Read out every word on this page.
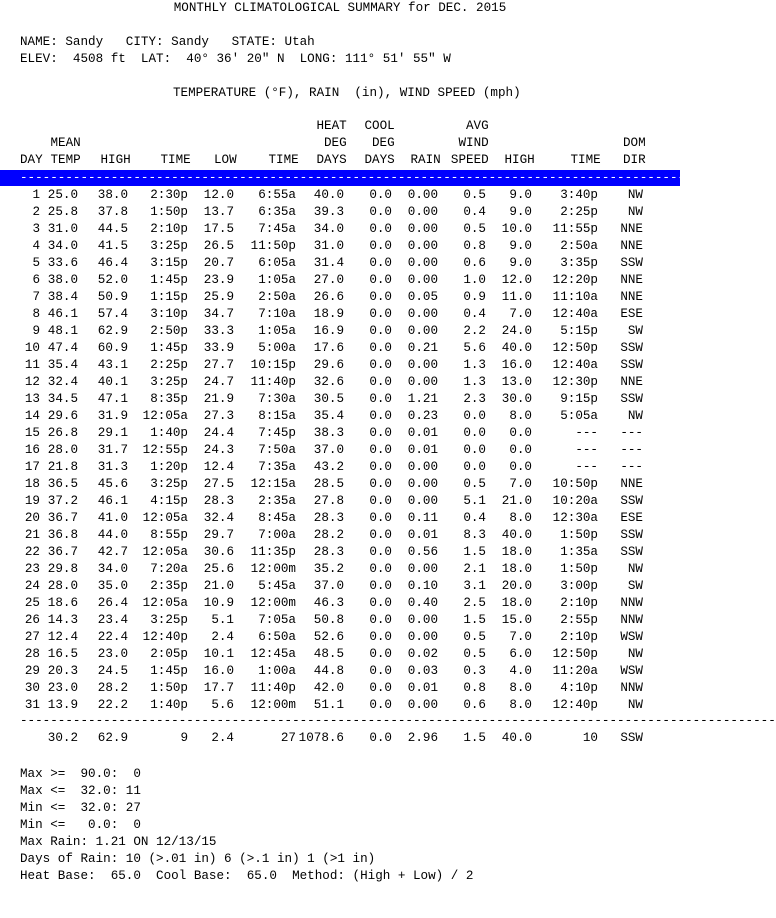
MONTHLY CLIMATOLOGICAL SUMMARY for DEC. 2015
NAME: Sandy   CITY: Sandy   STATE: Utah
ELEV:  4508 ft  LAT:  40° 36' 20" N  LONG: 111° 51' 55" W
TEMPERATURE (°F), RAIN  (in), WIND SPEED (mph)
						HEAT	COOL		AVG			
	MEAN					DEG	DEG		WIND			DOM
DAY	TEMP	HIGH	TIME	LOW	TIME	DAYS	DAYS	RAIN	SPEED	HIGH	TIME	DIR
----------------------------------------------------------------------------------------------------
1	25.0	38.0	2:30p	12.0	6:55a	40.0	0.0	0.00	0.5	9.0	3:40p	NW
2	25.8	37.8	1:50p	13.7	6:35a	39.3	0.0	0.00	0.4	9.0	2:25p	NW
3	31.0	44.5	2:10p	17.5	7:45a	34.0	0.0	0.00	0.5	10.0	11:55p	NNE
4	34.0	41.5	3:25p	26.5	11:50p	31.0	0.0	0.00	0.8	9.0	2:50a	NNE
5	33.6	46.4	3:15p	20.7	6:05a	31.4	0.0	0.00	0.6	9.0	3:35p	SSW
6	38.0	52.0	1:45p	23.9	1:05a	27.0	0.0	0.00	1.0	12.0	12:20p	NNE
7	38.4	50.9	1:15p	25.9	2:50a	26.6	0.0	0.05	0.9	11.0	11:10a	NNE
8	46.1	57.4	3:10p	34.7	7:10a	18.9	0.0	0.00	0.4	7.0	12:40a	ESE
9	48.1	62.9	2:50p	33.3	1:05a	16.9	0.0	0.00	2.2	24.0	5:15p	SW
10	47.4	60.9	1:45p	33.9	5:00a	17.6	0.0	0.21	5.6	40.0	12:50p	SSW
11	35.4	43.1	2:25p	27.7	10:15p	29.6	0.0	0.00	1.3	16.0	12:40a	SSW
12	32.4	40.1	3:25p	24.7	11:40p	32.6	0.0	0.00	1.3	13.0	12:30p	NNE
13	34.5	47.1	8:35p	21.9	7:30a	30.5	0.0	1.21	2.3	30.0	9:15p	SSW
14	29.6	31.9	12:05a	27.3	8:15a	35.4	0.0	0.23	0.0	8.0	5:05a	NW
15	26.8	29.1	1:40p	24.4	7:45p	38.3	0.0	0.01	0.0	0.0	---	---
16	28.0	31.7	12:55p	24.3	7:50a	37.0	0.0	0.01	0.0	0.0	---	---
17	21.8	31.3	1:20p	12.4	7:35a	43.2	0.0	0.00	0.0	0.0	---	---
18	36.5	45.6	3:25p	27.5	12:15a	28.5	0.0	0.00	0.5	7.0	10:50p	NNE
19	37.2	46.1	4:15p	28.3	2:35a	27.8	0.0	0.00	5.1	21.0	10:20a	SSW
20	36.7	41.0	12:05a	32.4	8:45a	28.3	0.0	0.11	0.4	8.0	12:30a	ESE
21	36.8	44.0	8:55p	29.7	7:00a	28.2	0.0	0.01	8.3	40.0	1:50p	SSW
22	36.7	42.7	12:05a	30.6	11:35p	28.3	0.0	0.56	1.5	18.0	1:35a	SSW
23	29.8	34.0	7:20a	25.6	12:00m	35.2	0.0	0.00	2.1	18.0	1:50p	NW
24	28.0	35.0	2:35p	21.0	5:45a	37.0	0.0	0.10	3.1	20.0	3:00p	SW
25	18.6	26.4	12:05a	10.9	12:00m	46.3	0.0	0.40	2.5	18.0	2:10p	NNW
26	14.3	23.4	3:25p	5.1	7:05a	50.8	0.0	0.00	1.5	15.0	2:55p	NNW
27	12.4	22.4	12:40p	2.4	6:50a	52.6	0.0	0.00	0.5	7.0	2:10p	WSW
28	16.5	23.0	2:05p	10.1	12:45a	48.5	0.0	0.02	0.5	6.0	12:50p	NW
29	20.3	24.5	1:45p	16.0	1:00a	44.8	0.0	0.03	0.3	4.0	11:20a	WSW
30	23.0	28.2	1:50p	17.7	11:40p	42.0	0.0	0.01	0.8	8.0	4:10p	NNW
31	13.9	22.2	1:40p	5.6	12:00m	51.1	0.0	0.00	0.6	8.0	12:40p	NW
----------------------------------------------------------------------------------------------------
	30.2	62.9	9	2.4	27	1078.6	0.0	2.96	1.5	40.0	10	SSW
Max >=  90.0:  0
Max <=  32.0: 11
Min <=  32.0: 27
Min <=   0.0:  0
Max Rain: 1.21 ON 12/13/15
Days of Rain: 10 (>.01 in) 6 (>.1 in) 1 (>1 in)
Heat Base:  65.0  Cool Base:  65.0  Method: (High + Low) / 2
